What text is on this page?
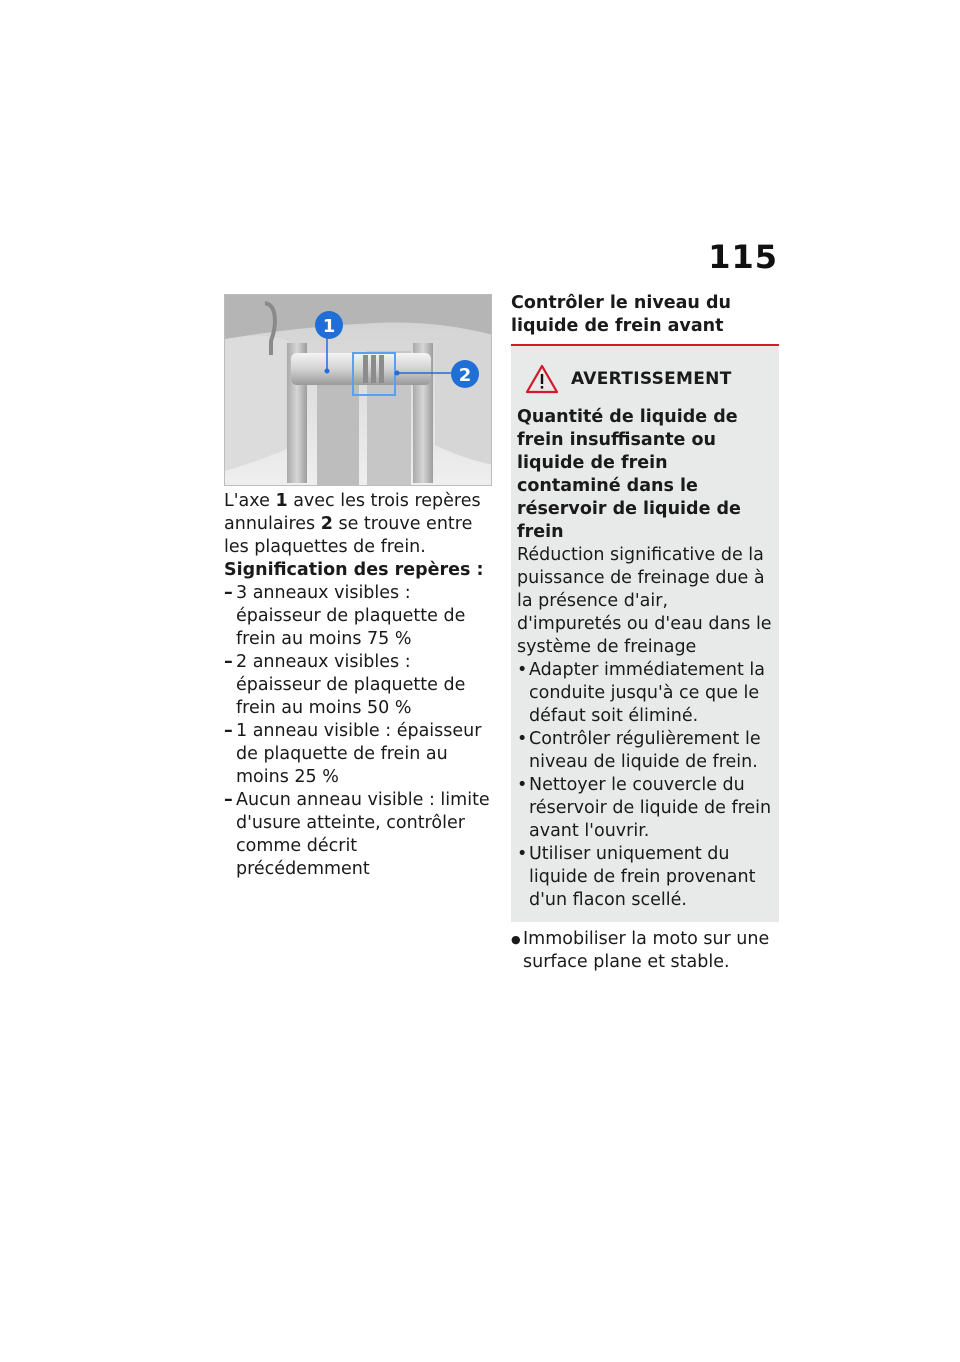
115
1
2

L'axe 1 avec les trois repères annulaires 2 se trouve entre les plaquettes de frein.

Signification des repères :

– 3 anneaux visibles : épaisseur de plaquette de frein au moins 75 %
– 2 anneaux visibles : épaisseur de plaquette de frein au moins 50 %
– 1 anneau visible : épaisseur de plaquette de frein au moins 25 %
– Aucun anneau visible : limite d'usure atteinte, contrôler comme décrit précédemment

Contrôler le niveau du liquide de frein avant

AVERTISSEMENT

Quantité de liquide de frein insuffisante ou liquide de frein contaminé dans le réservoir de liquide de frein

Réduction significative de la puissance de freinage due à la présence d'air, d'impuretés ou d'eau dans le système de freinage

• Adapter immédiatement la conduite jusqu'à ce que le défaut soit éliminé.
• Contrôler régulièrement le niveau de liquide de frein.
• Nettoyer le couvercle du réservoir de liquide de frein avant l'ouvrir.
• Utiliser uniquement du liquide de frein provenant d'un flacon scellé.
● Immobiliser la moto sur une surface plane et stable.
